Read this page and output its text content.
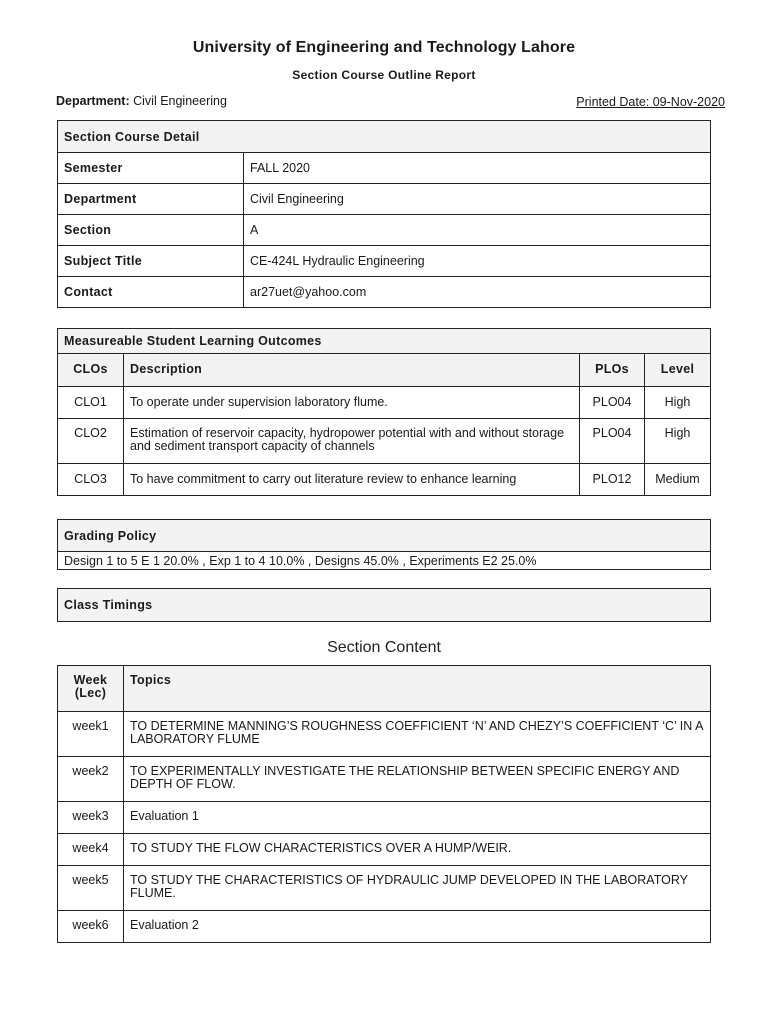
University of Engineering and Technology Lahore
Section Course Outline Report
Department: Civil Engineering	Printed Date: 09-Nov-2020
Section Course Detail	
Semester	FALL 2020
Department	Civil Engineering
Section	A
Subject Title	CE-424L Hydraulic Engineering
Contact	ar27uet@yahoo.com
Measureable Student Learning Outcomes			
CLOs	Description	PLOs	Level
CLO1	To operate under supervision laboratory flume.	PLO04	High
CLO2	Estimation of reservoir capacity, hydropower potential with and without storage and sediment transport capacity of channels	PLO04	High
CLO3	To have commitment to carry out literature review to enhance learning	PLO12	Medium
Grading Policy
Design 1 to 5 E 1 20.0% , Exp 1 to 4 10.0% , Designs 45.0% , Experiments E2 25.0%
Class Timings
Section Content
Week (Lec)	Topics
week1	TO DETERMINE MANNING’S ROUGHNESS COEFFICIENT ‘N’ AND CHEZY’S COEFFICIENT ‘C’ IN A LABORATORY FLUME
week2	TO EXPERIMENTALLY INVESTIGATE THE RELATIONSHIP BETWEEN SPECIFIC ENERGY AND DEPTH OF FLOW.
week3	Evaluation 1
week4	TO STUDY THE FLOW CHARACTERISTICS OVER A HUMP/WEIR.
week5	TO STUDY THE CHARACTERISTICS OF HYDRAULIC JUMP DEVELOPED IN THE LABORATORY FLUME.
week6	Evaluation 2
